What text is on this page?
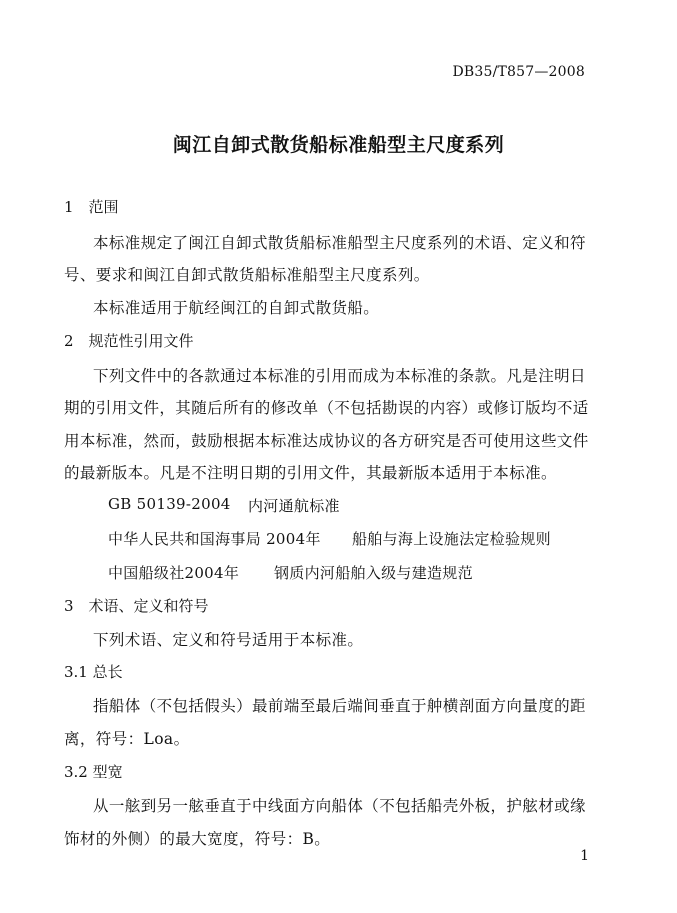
DB35/T857—2008
闽江自卸式散货船标准船型主尺度系列
1　范围
本标准规定了闽江自卸式散货船标准船型主尺度系列的术语、定义和符
号、要求和闽江自卸式散货船标准船型主尺度系列。
本标准适用于航经闽江的自卸式散货船。
2　规范性引用文件
下列文件中的各款通过本标准的引用而成为本标准的条款。凡是注明日
期的引用文件，其随后所有的修改单（不包括勘误的内容）或修订版均不适
用本标准，然而，鼓励根据本标准达成协议的各方研究是否可使用这些文件
的最新版本。凡是不注明日期的引用文件，其最新版本适用于本标准。
GB 50139-2004 内河通航标准
中华人民共和国海事局 2004年 船舶与海上设施法定检验规则
中国船级社2004年 钢质内河船舶入级与建造规范
3　术语、定义和符号
下列术语、定义和符号适用于本标准。
3.1 总长
指船体（不包括假头）最前端至最后端间垂直于舯横剖面方向量度的距
离，符号：Loa。
3.2 型宽
从一舷到另一舷垂直于中线面方向船体（不包括船壳外板，护舷材或缘
饰材的外侧）的最大宽度，符号：B。
1
